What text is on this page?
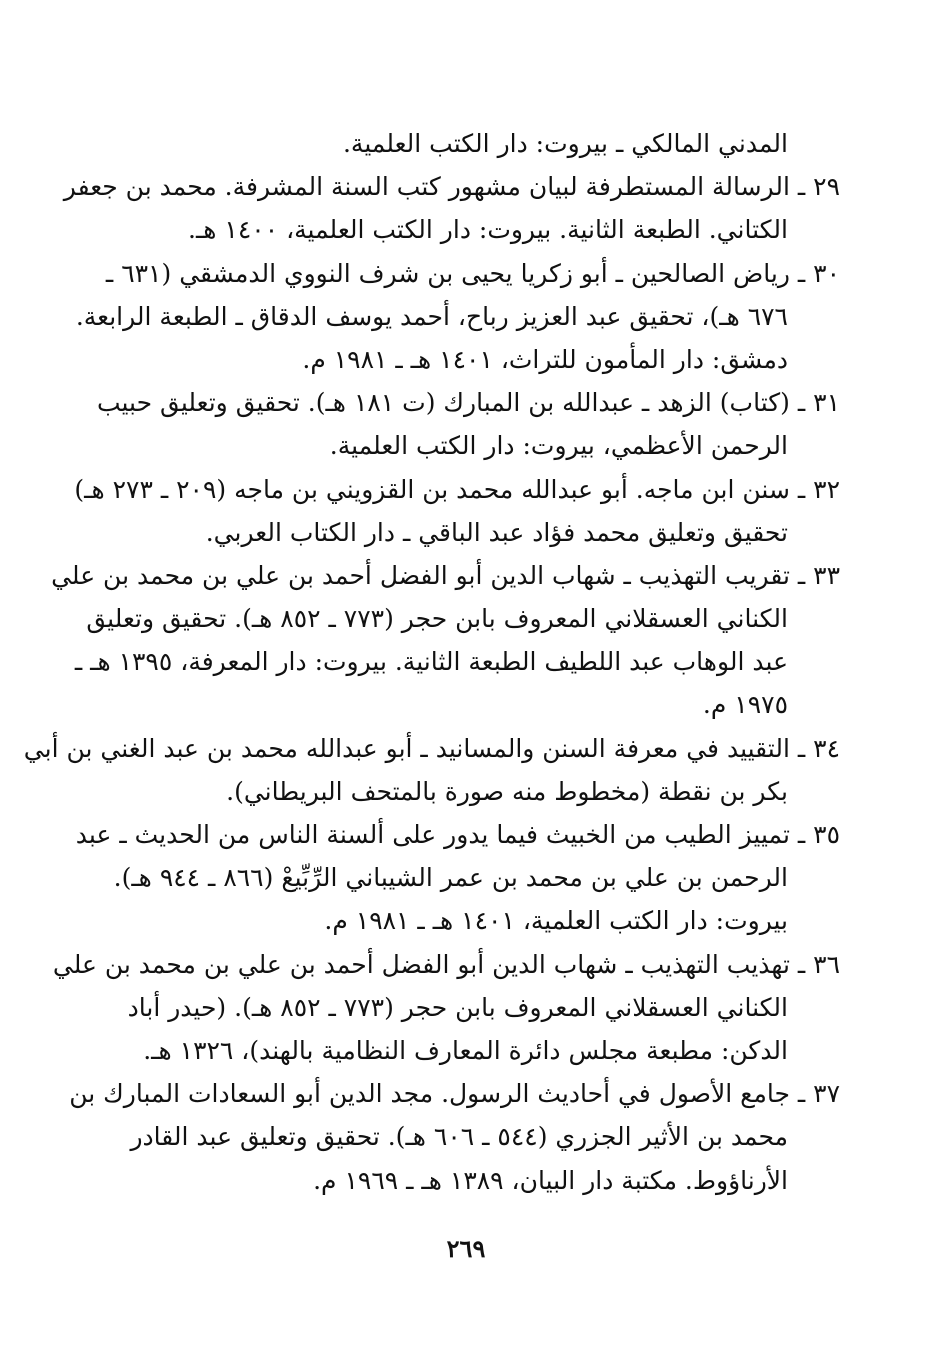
المدني المالكي ـ بيروت: دار الكتب العلمية.
٢٩ ـ الرسالة المستطرفة لبيان مشهور كتب السنة المشرفة. محمد بن جعفر
الكتاني. الطبعة الثانية. بيروت: دار الكتب العلمية، ١٤٠٠ هـ.
٣٠ ـ رياض الصالحين ـ أبو زكريا يحيى بن شرف النووي الدمشقي (٦٣١ ـ
٦٧٦ هـ)، تحقيق عبد العزيز رباح، أحمد يوسف الدقاق ـ الطبعة الرابعة.
دمشق: دار المأمون للتراث، ١٤٠١ هـ ـ ١٩٨١ م.
٣١ ـ (كتاب) الزهد ـ عبدالله بن المبارك (ت ١٨١ هـ). تحقيق وتعليق حبيب
الرحمن الأعظمي، بيروت: دار الكتب العلمية.
٣٢ ـ سنن ابن ماجه. أبو عبدالله محمد بن القزويني بن ماجه (٢٠٩ ـ ٢٧٣ هـ)
تحقيق وتعليق محمد فؤاد عبد الباقي ـ دار الكتاب العربي.
٣٣ ـ تقريب التهذيب ـ شهاب الدين أبو الفضل أحمد بن علي بن محمد بن علي
الكناني العسقلاني المعروف بابن حجر (٧٧٣ ـ ٨٥٢ هـ). تحقيق وتعليق
عبد الوهاب عبد اللطيف الطبعة الثانية. بيروت: دار المعرفة، ١٣٩٥ هـ ـ
١٩٧٥ م.
٣٤ ـ التقييد في معرفة السنن والمسانيد ـ أبو عبدالله محمد بن عبد الغني بن أبي
بكر بن نقطة (مخطوط منه صورة بالمتحف البريطاني).
٣٥ ـ تمييز الطيب من الخبيث فيما يدور على ألسنة الناس من الحديث ـ عبد
الرحمن بن علي بن محمد بن عمر الشيباني الرِّبِّيعْ (٨٦٦ ـ ٩٤٤ هـ).
بيروت: دار الكتب العلمية، ١٤٠١ هـ ـ ١٩٨١ م.
٣٦ ـ تهذيب التهذيب ـ شهاب الدين أبو الفضل أحمد بن علي بن محمد بن علي
الكناني العسقلاني المعروف بابن حجر (٧٧٣ ـ ٨٥٢ هـ). (حيدر أباد
الدكن: مطبعة مجلس دائرة المعارف النظامية بالهند)، ١٣٢٦ هـ.
٣٧ ـ جامع الأصول في أحاديث الرسول. مجد الدين أبو السعادات المبارك بن
محمد بن الأثير الجزري (٥٤٤ ـ ٦٠٦ هـ). تحقيق وتعليق عبد القادر
الأرناؤوط. مكتبة دار البيان، ١٣٨٩ هـ ـ ١٩٦٩ م.
٢٦٩
